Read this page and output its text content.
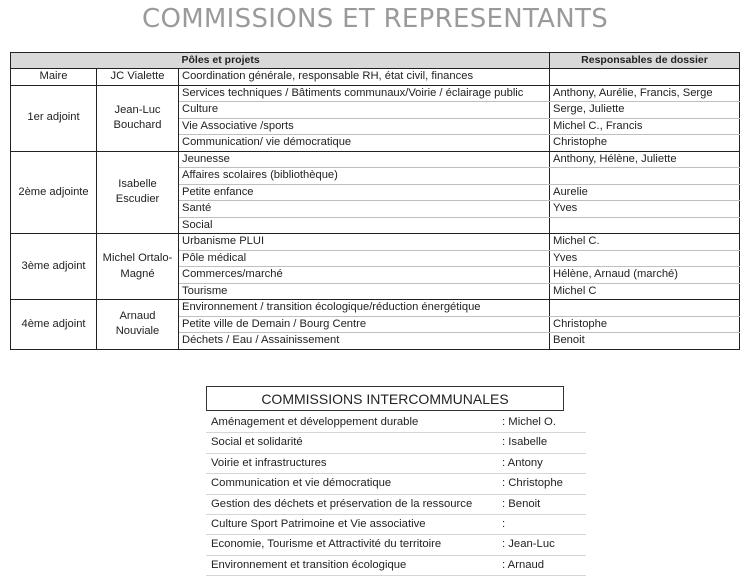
COMMISSIONS ET REPRESENTANTS
		Pôles et projets	Responsables de dossier
Maire	JC Vialette	Coordination générale, responsable RH, état civil, finances	
1er adjoint	Jean-Luc Bouchard	Services techniques / Bâtiments communaux/Voirie / éclairage public	Anthony, Aurélie, Francis, Serge
		Culture	Serge, Juliette
		Vie Associative /sports	Michel C., Francis
		Communication/ vie démocratique	Christophe
2ème adjointe	Isabelle Escudier	Jeunesse	Anthony, Hélène, Juliette
		Affaires scolaires (bibliothèque)	
		Petite enfance	Aurelie
		Santé	Yves
		Social	
3ème adjoint	Michel Ortalo-Magné	Urbanisme PLUI	Michel C.
		Pôle médical	Yves
		Commerces/marché	Hélène, Arnaud (marché)
		Tourisme	Michel C
4ème adjoint	Arnaud Nouviale	Environnement / transition écologique/réduction énergétique	
		Petite ville de Demain / Bourg Centre	Christophe
		Déchets / Eau / Assainissement	Benoit
COMMISSIONS INTERCOMMUNALES
Aménagement et développement durable	: Michel O.
Social et solidarité	: Isabelle
Voirie et infrastructures	: Antony
Communication et vie démocratique	: Christophe
Gestion des déchets et préservation de la ressource	: Benoit
Culture Sport Patrimoine et Vie associative	:
Economie, Tourisme et Attractivité du territoire	: Jean-Luc
Environnement et transition écologique	: Arnaud
